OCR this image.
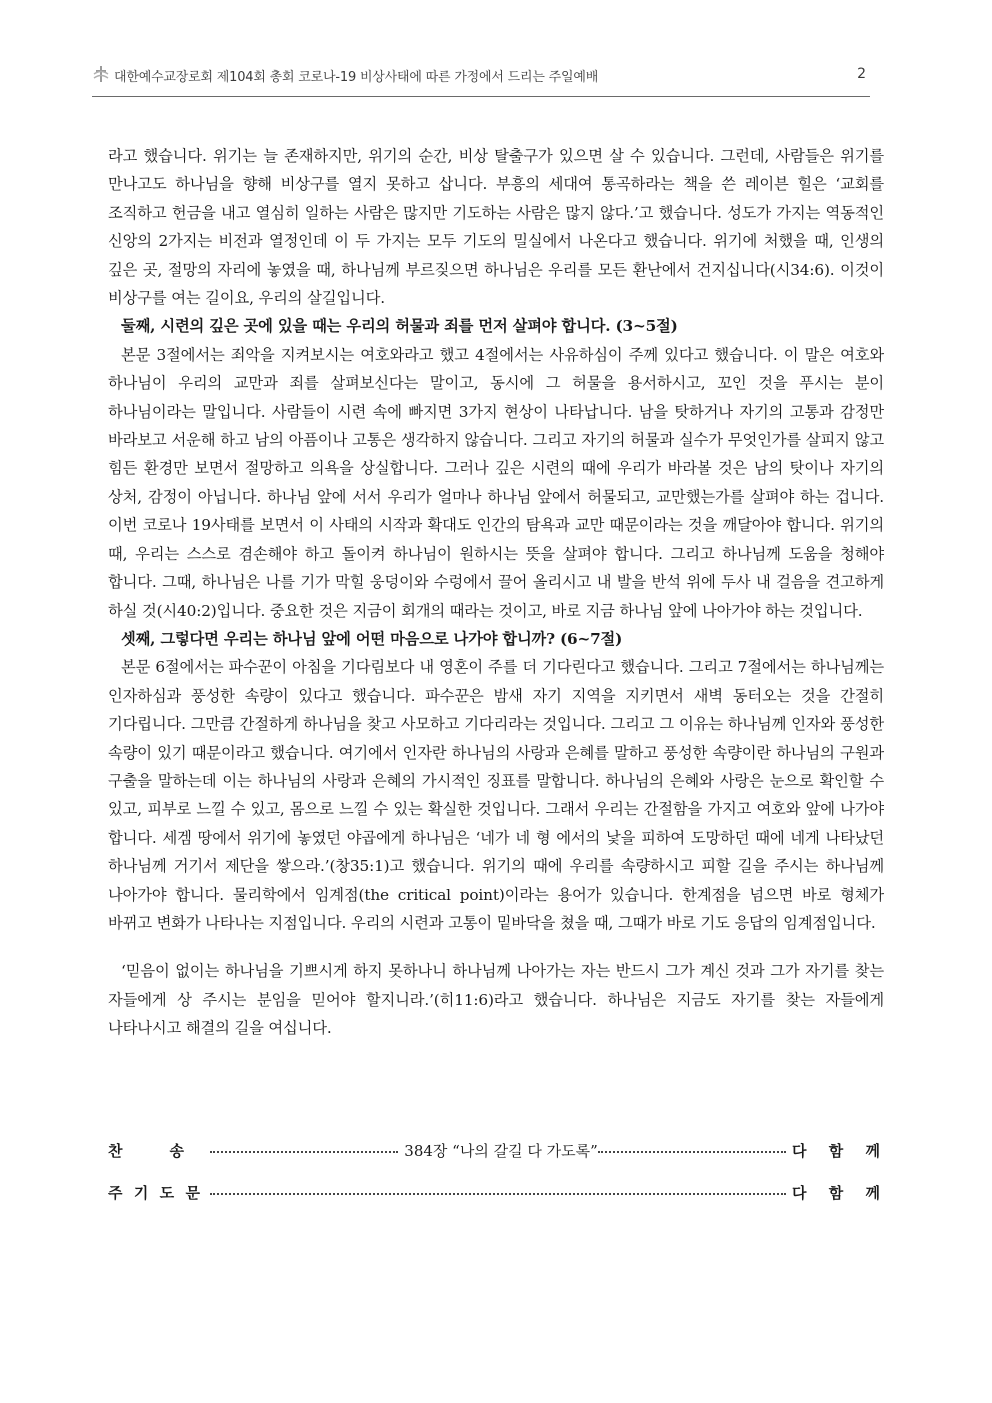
대한예수교장로회 제104회 총회 코로나-19 비상사태에 따른 가정에서 드리는 주일예배	2

라고 했습니다. 위기는 늘 존재하지만, 위기의 순간, 비상 탈출구가 있으면 살 수 있습니다. 그런데, 사람들은 위기를 만나고도 하나님을 향해 비상구를 열지 못하고 삽니다. 부흥의 세대여 통곡하라는 책을 쓴 레이븐 힐은 ‘교회를 조직하고 헌금을 내고 열심히 일하는 사람은 많지만 기도하는 사람은 많지 않다.’고 했습니다. 성도가 가지는 역동적인 신앙의 2가지는 비전과 열정인데 이 두 가지는 모두 기도의 밀실에서 나온다고 했습니다. 위기에 처했을 때, 인생의 깊은 곳, 절망의 자리에 놓였을 때, 하나님께 부르짖으면 하나님은 우리를 모든 환난에서 건지십니다(시34:6). 이것이 비상구를 여는 길이요, 우리의 살길입니다.

둘째, 시련의 깊은 곳에 있을 때는 우리의 허물과 죄를 먼저 살펴야 합니다. (3~5절)

본문 3절에서는 죄악을 지켜보시는 여호와라고 했고 4절에서는 사유하심이 주께 있다고 했습니다. 이 말은 여호와 하나님이 우리의 교만과 죄를 살펴보신다는 말이고, 동시에 그 허물을 용서하시고, 꼬인 것을 푸시는 분이 하나님이라는 말입니다. 사람들이 시련 속에 빠지면 3가지 현상이 나타납니다. 남을 탓하거나 자기의 고통과 감정만 바라보고 서운해 하고 남의 아픔이나 고통은 생각하지 않습니다. 그리고 자기의 허물과 실수가 무엇인가를 살피지 않고 힘든 환경만 보면서 절망하고 의욕을 상실합니다. 그러나 깊은 시련의 때에 우리가 바라볼 것은 남의 탓이나 자기의 상처, 감정이 아닙니다. 하나님 앞에 서서 우리가 얼마나 하나님 앞에서 허물되고, 교만했는가를 살펴야 하는 겁니다. 이번 코로나 19사태를 보면서 이 사태의 시작과 확대도 인간의 탐욕과 교만 때문이라는 것을 깨달아야 합니다. 위기의 때, 우리는 스스로 겸손해야 하고 돌이켜 하나님이 원하시는 뜻을 살펴야 합니다. 그리고 하나님께 도움을 청해야 합니다. 그때, 하나님은 나를 기가 막힐 웅덩이와 수렁에서 끌어 올리시고 내 발을 반석 위에 두사 내 걸음을 견고하게 하실 것(시40:2)입니다. 중요한 것은 지금이 회개의 때라는 것이고, 바로 지금 하나님 앞에 나아가야 하는 것입니다.

셋째, 그렇다면 우리는 하나님 앞에 어떤 마음으로 나가야 합니까? (6~7절)

본문 6절에서는 파수꾼이 아침을 기다림보다 내 영혼이 주를 더 기다린다고 했습니다. 그리고 7절에서는 하나님께는 인자하심과 풍성한 속량이 있다고 했습니다. 파수꾼은 밤새 자기 지역을 지키면서 새벽 동터오는 것을 간절히 기다립니다. 그만큼 간절하게 하나님을 찾고 사모하고 기다리라는 것입니다. 그리고 그 이유는 하나님께 인자와 풍성한 속량이 있기 때문이라고 했습니다. 여기에서 인자란 하나님의 사랑과 은혜를 말하고 풍성한 속량이란 하나님의 구원과 구출을 말하는데 이는 하나님의 사랑과 은혜의 가시적인 징표를 말합니다. 하나님의 은혜와 사랑은 눈으로 확인할 수 있고, 피부로 느낄 수 있고, 몸으로 느낄 수 있는 확실한 것입니다. 그래서 우리는 간절함을 가지고 여호와 앞에 나가야 합니다. 세겜 땅에서 위기에 놓였던 야곱에게 하나님은 ‘네가 네 형 에서의 낯을 피하여 도망하던 때에 네게 나타났던 하나님께 거기서 제단을 쌓으라.’(창35:1)고 했습니다. 위기의 때에 우리를 속량하시고 피할 길을 주시는 하나님께 나아가야 합니다. 물리학에서 임계점(the critical point)이라는 용어가 있습니다. 한계점을 넘으면 바로 형체가 바뀌고 변화가 나타나는 지점입니다. 우리의 시련과 고통이 밑바닥을 쳤을 때, 그때가 바로 기도 응답의 임계점입니다.

‘믿음이 없이는 하나님을 기쁘시게 하지 못하나니 하나님께 나아가는 자는 반드시 그가 계신 것과 그가 자기를 찾는 자들에게 상 주시는 분임을 믿어야 할지니라.’(히11:6)라고 했습니다. 하나님은 지금도 자기를 찾는 자들에게 나타나시고 해결의 길을 여십니다.

찬	송	384장 “나의 갈길 다 가도록”	다 함 께
주 기 도 문	다 함 께
